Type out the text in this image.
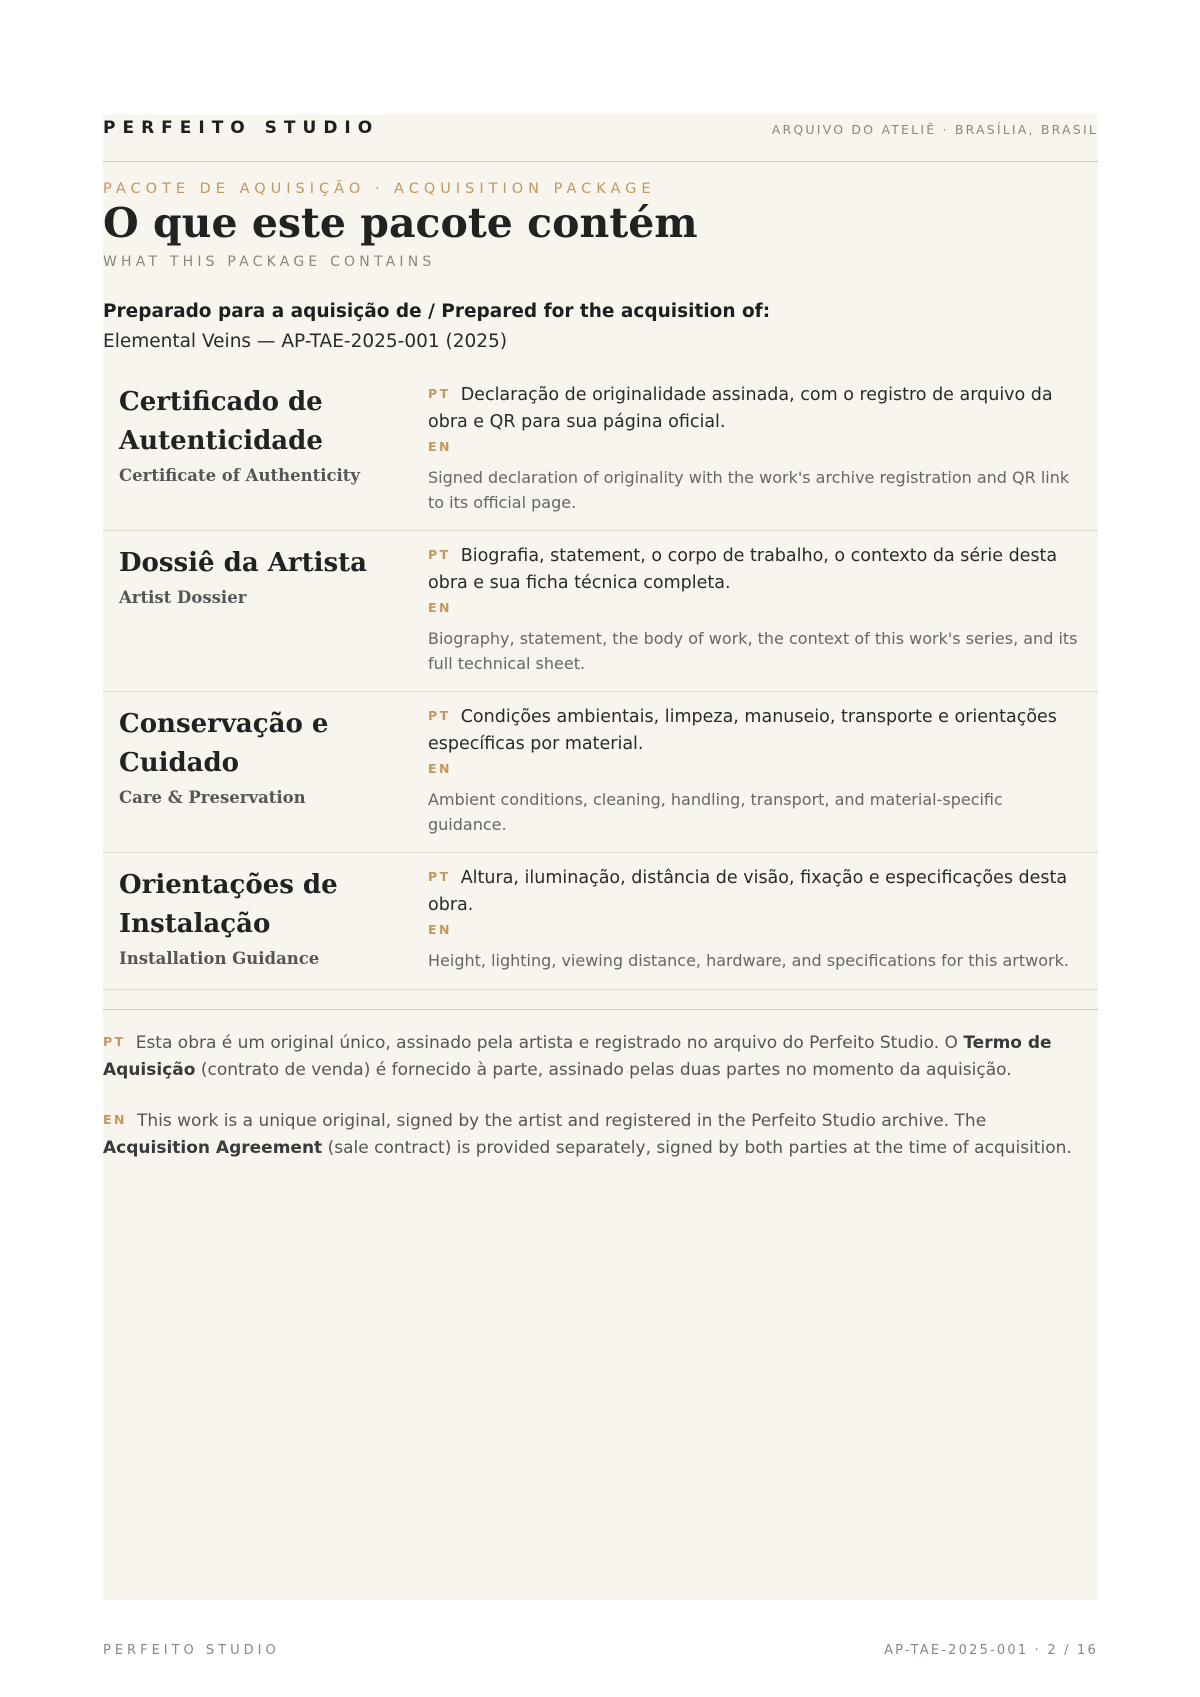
PERFEITO STUDIO	ARQUIVO DO ATELIÊ · BRASÍLIA, BRASIL
PACOTE DE AQUISIÇÃO · ACQUISITION PACKAGE
O que este pacote contém
WHAT THIS PACKAGE CONTAINS
Preparado para a aquisição de / Prepared for the acquisition of:
Elemental Veins — AP-TAE-2025-001 (2025)
Certificado de Autenticidade
Certificate of Authenticity
PT Declaração de originalidade assinada, com o registro de arquivo da obra e QR para sua página oficial.
EN
Signed declaration of originality with the work's archive registration and QR link to its official page.
Dossiê da Artista
Artist Dossier
PT Biografia, statement, o corpo de trabalho, o contexto da série desta obra e sua ficha técnica completa.
EN
Biography, statement, the body of work, the context of this work's series, and its full technical sheet.
Conservação e Cuidado
Care & Preservation
PT Condições ambientais, limpeza, manuseio, transporte e orientações específicas por material.
EN
Ambient conditions, cleaning, handling, transport, and material-specific guidance.
Orientações de Instalação
Installation Guidance
PT Altura, iluminação, distância de visão, fixação e especificações desta obra.
EN
Height, lighting, viewing distance, hardware, and specifications for this artwork.
PT Esta obra é um original único, assinado pela artista e registrado no arquivo do Perfeito Studio. O Termo de Aquisição (contrato de venda) é fornecido à parte, assinado pelas duas partes no momento da aquisição.
EN This work is a unique original, signed by the artist and registered in the Perfeito Studio archive. The Acquisition Agreement (sale contract) is provided separately, signed by both parties at the time of acquisition.
PERFEITO STUDIO	AP-TAE-2025-001 · 2 / 16
